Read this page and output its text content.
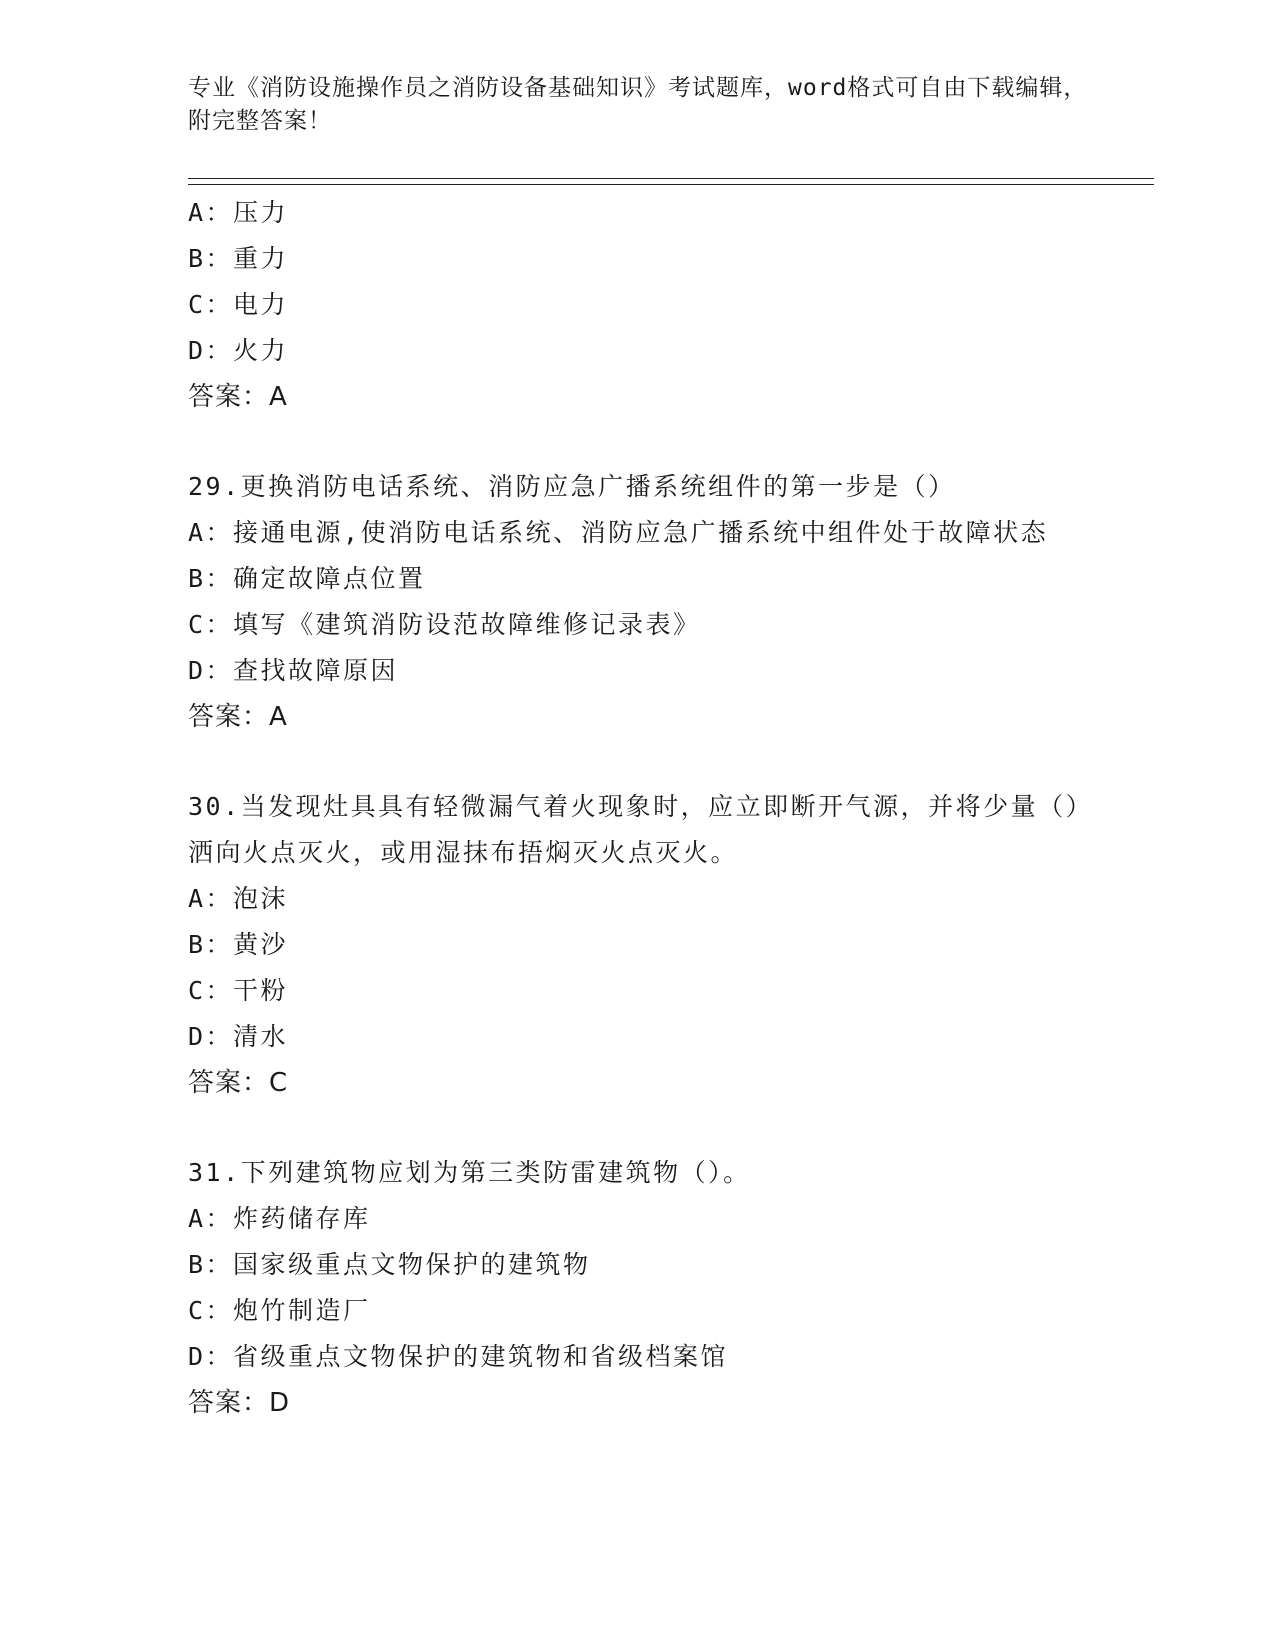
专业《消防设施操作员之消防设备基础知识》考试题库，word格式可自由下载编辑，附完整答案！
A：压力
B：重力
C：电力
D：火力
答案：A
29.更换消防电话系统、消防应急广播系统组件的第一步是（）
A：接通电源,使消防电话系统、消防应急广播系统中组件处于故障状态
B：确定故障点位置
C：填写《建筑消防设范故障维修记录表》
D：查找故障原因
答案：A
30.当发现灶具具有轻微漏气着火现象时，应立即断开气源，并将少量（）洒向火点灭火，或用湿抹布捂焖灭火点灭火。
A：泡沫
B：黄沙
C：干粉
D：清水
答案：C
31.下列建筑物应划为第三类防雷建筑物（）。
A：炸药储存库
B：国家级重点文物保护的建筑物
C：炮竹制造厂
D：省级重点文物保护的建筑物和省级档案馆
答案：D
